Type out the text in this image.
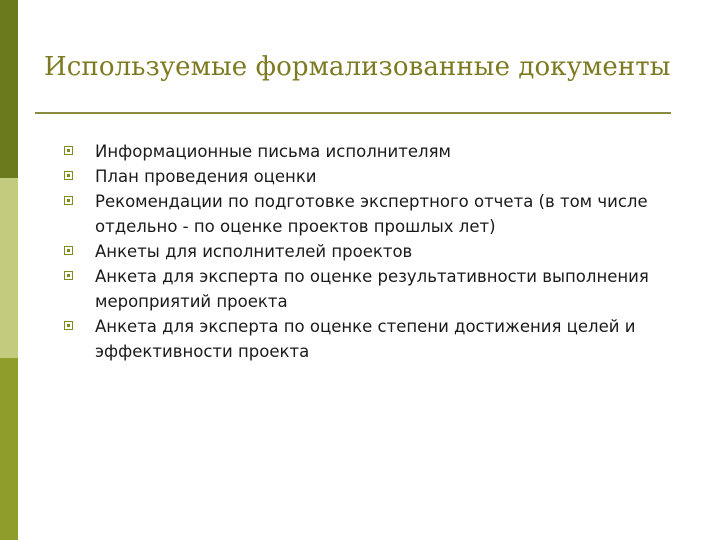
Используемые формализованные документы
Информационные письма исполнителям
План проведения оценки
Рекомендации по подготовке экспертного отчета (в том числе отдельно - по оценке проектов прошлых лет)
Анкеты для исполнителей проектов
Анкета для эксперта по оценке результативности выполнения мероприятий проекта
Анкета для эксперта по оценке степени достижения целей и эффективности проекта
